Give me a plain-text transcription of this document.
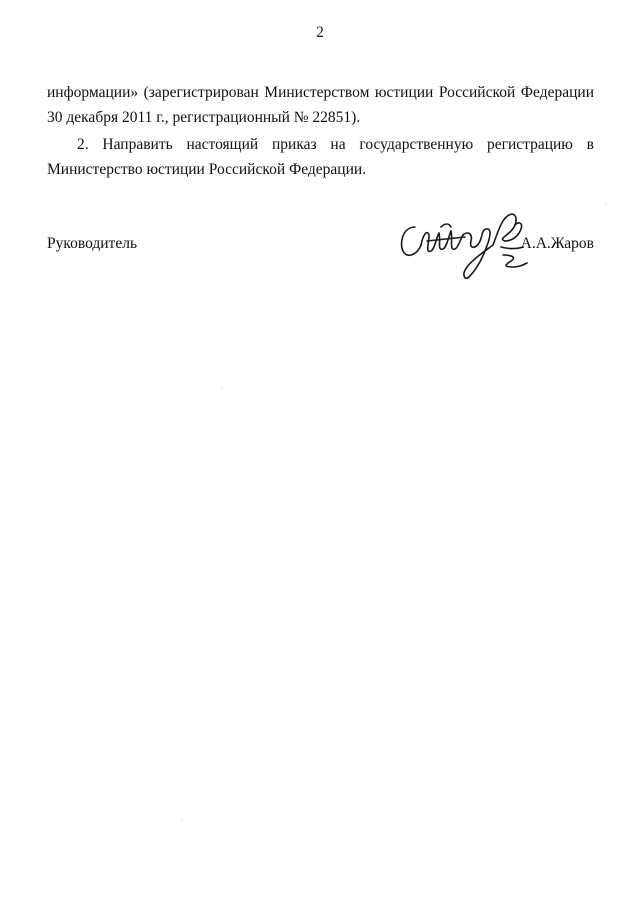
2
информации» (зарегистрирован Министерством юстиции Российской Федерации
30 декабря 2011 г., регистрационный № 22851).
2. Направить настоящий приказ на государственную регистрацию в
Министерство юстиции Российской Федерации.
Руководитель	А.А.Жаров
